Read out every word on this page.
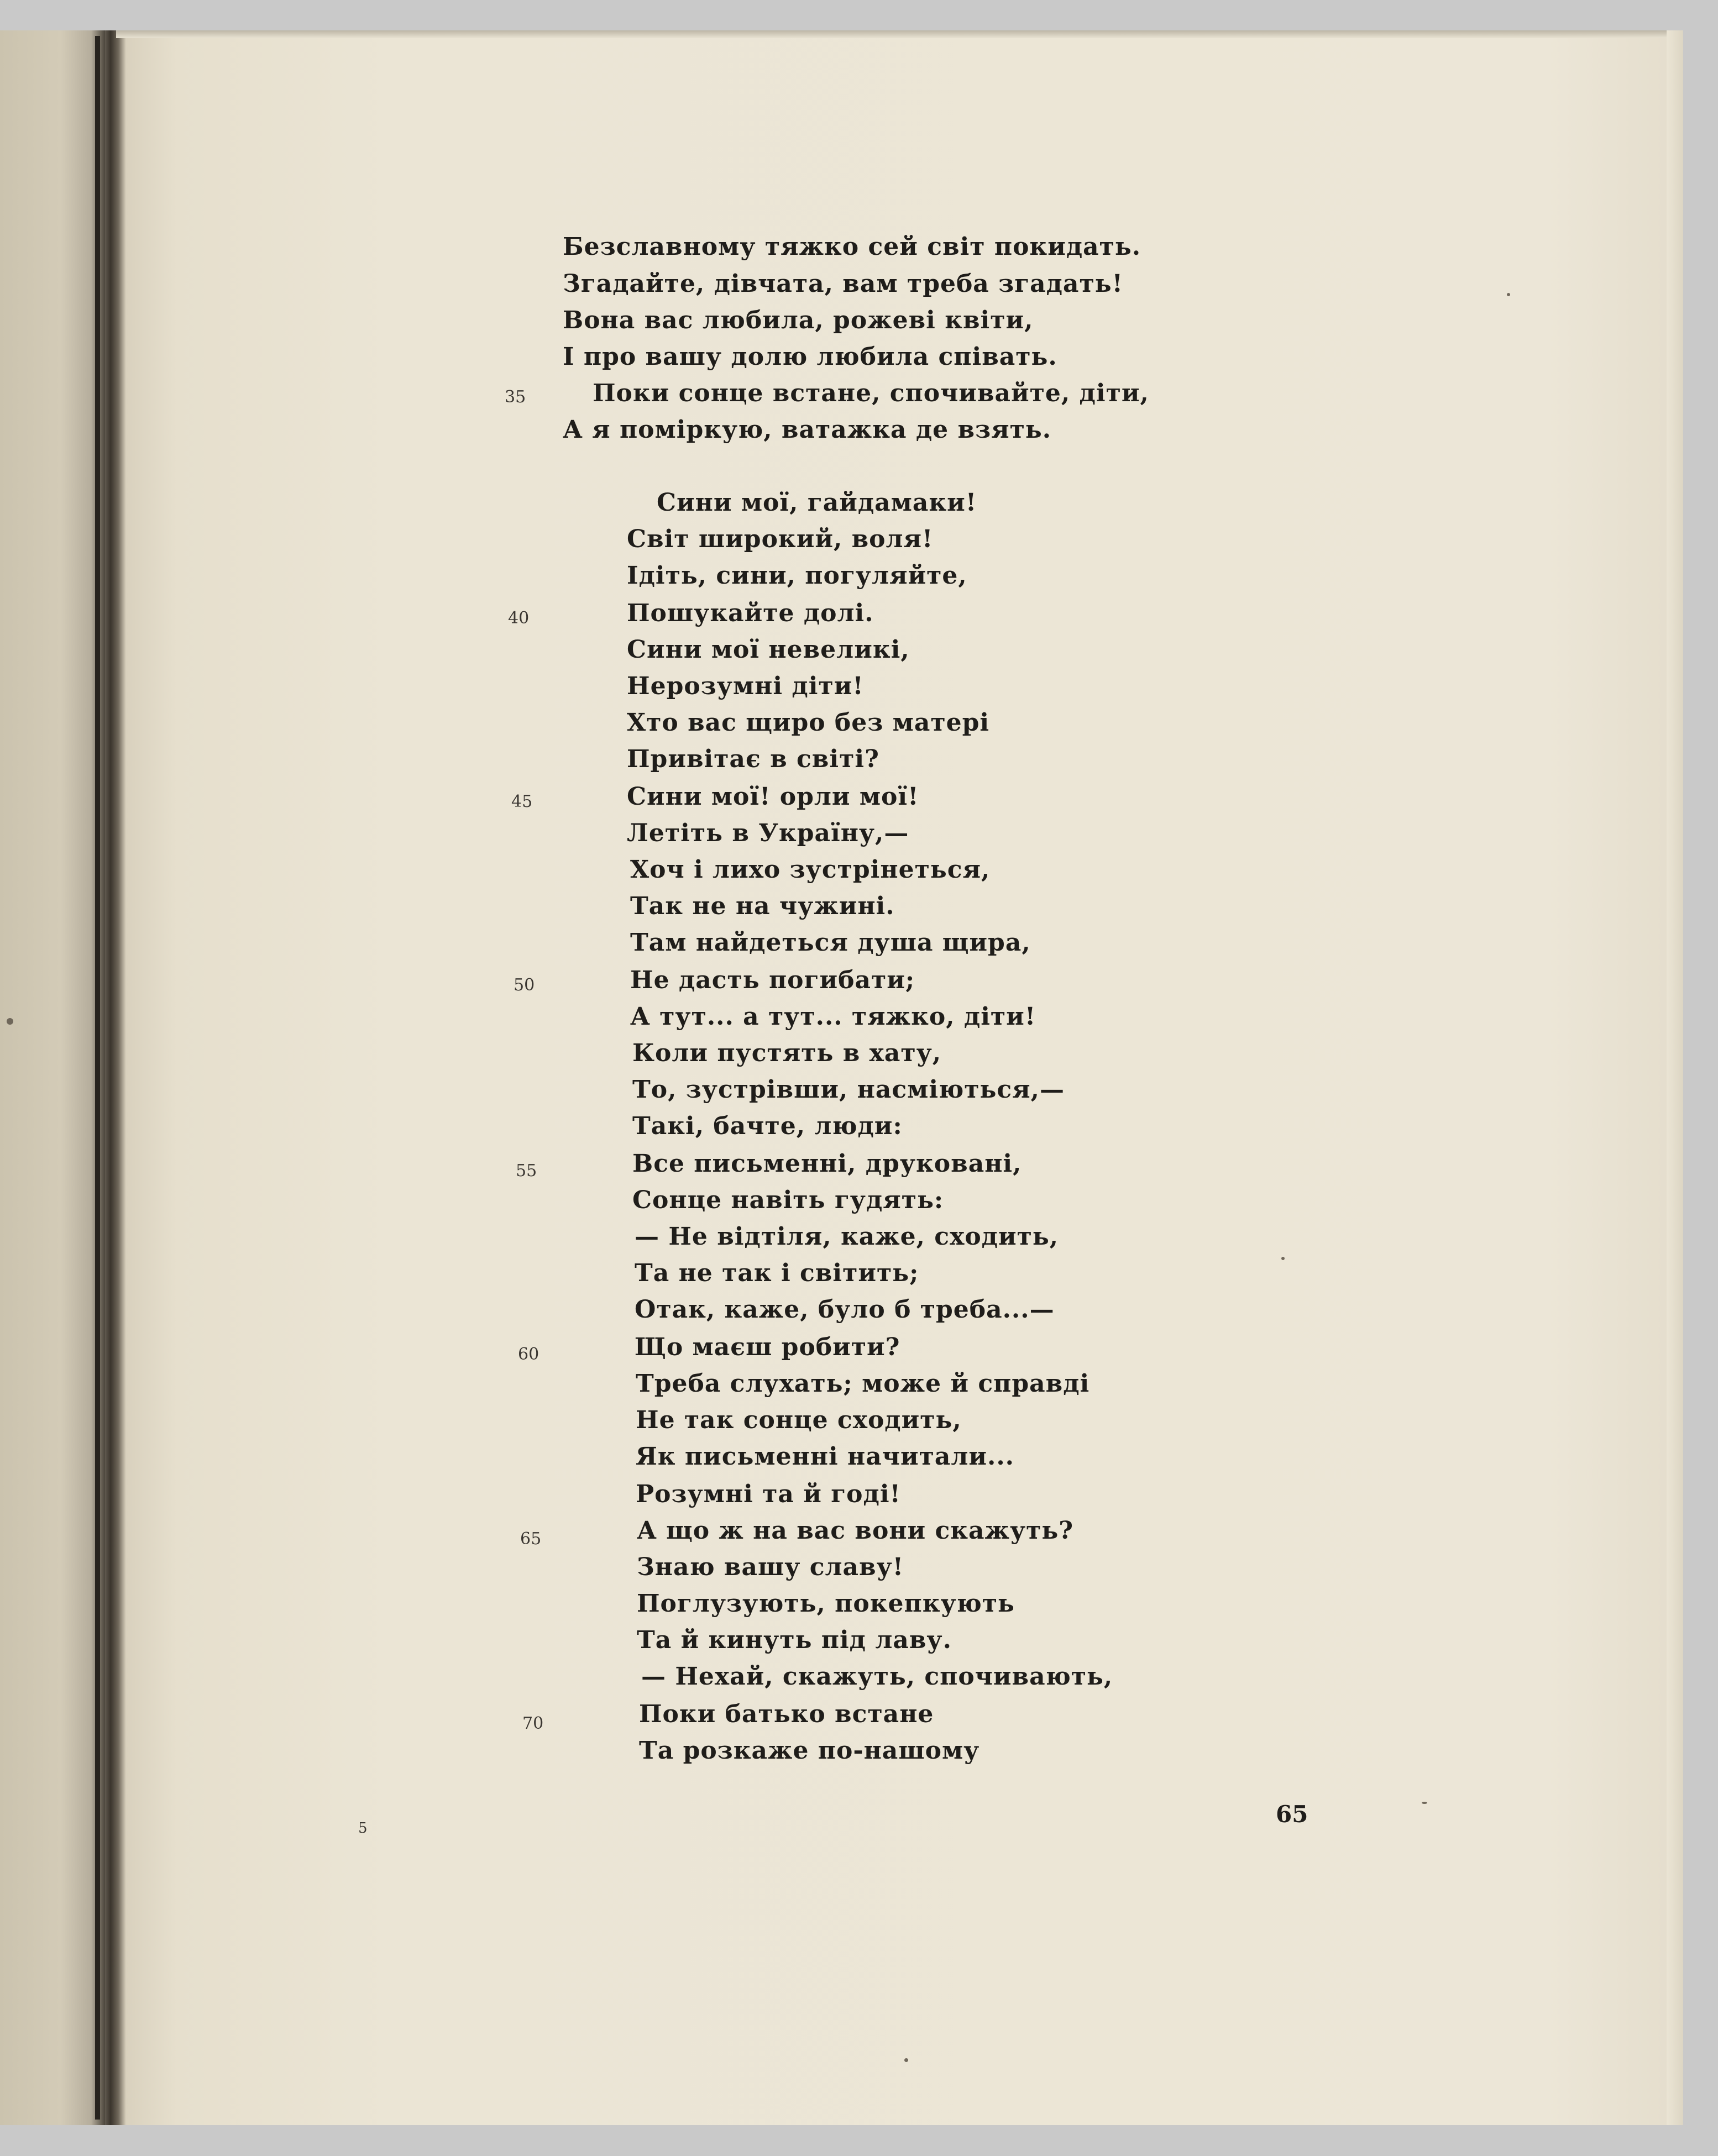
Безславному тяжко сей світ покидать.
Згадайте, дівчата, вам треба згадать!
Вона вас любила, рожеві квіти,
І про вашу долю любила співать.
Поки сонце встане, спочивайте, діти,
А я поміркую, ватажка де взять.
Сини мої, гайдамаки!
Світ широкий, воля!
Ідіть, сини, погуляйте,
Пошукайте долі.
Сини мої невеликі,
Нерозумні діти!
Хто вас щиро без матері
Привітає в світі?
Сини мої! орли мої!
Летіть в Україну,—
Хоч і лихо зустрінеться,
Так не на чужині.
Там найдеться душа щира,
Не дасть погибати;
А тут... а тут... тяжко, діти!
Коли пустять в хату,
То, зустрівши, насміються,—
Такі, бачте, люди:
Все письменні, друковані,
Сонце навіть гудять:
— Не відтіля, каже, сходить,
Та не так і світить;
Отак, каже, було б треба...—
Що маєш робити?
Треба слухать; може й справді
Не так сонце сходить,
Як письменні начитали...
Розумні та й годі!
А що ж на вас вони скажуть?
Знаю вашу славу!
Поглузують, покепкують
Та й кинуть під лаву.
— Нехай, скажуть, спочивають,
Поки батько встане
Та розкаже по-нашому
35
40
45
50
55
60
65
70
65
5
